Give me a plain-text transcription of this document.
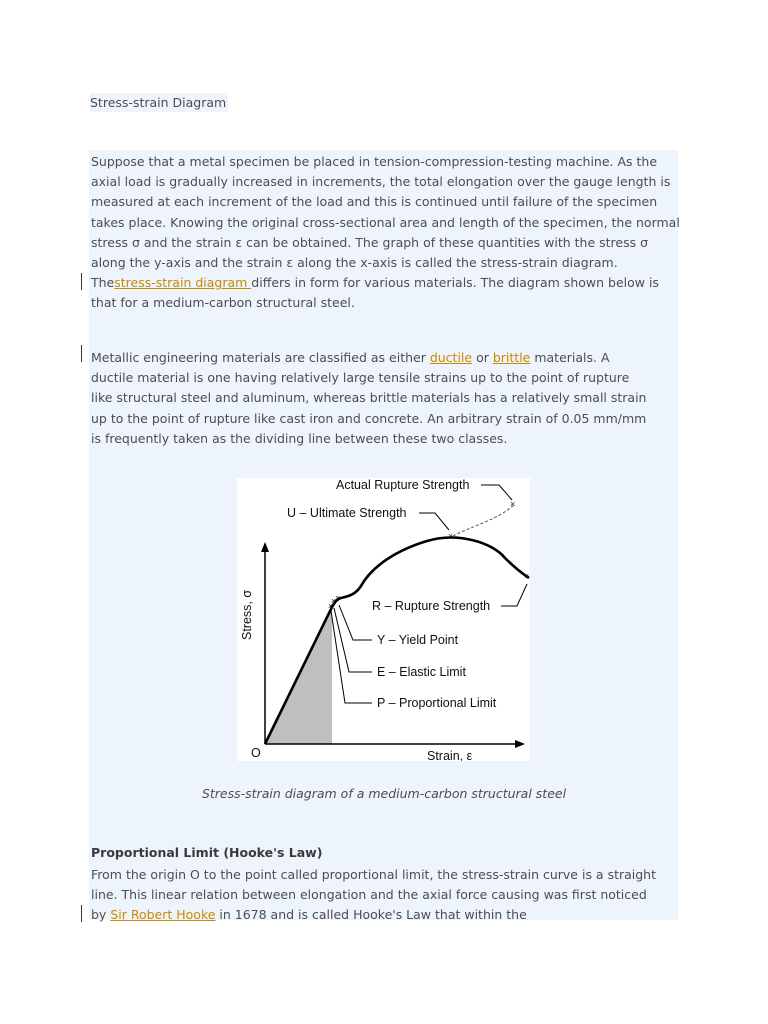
Stress-strain Diagram

Suppose that a metal specimen be placed in tension-compression-testing machine. As the axial load is gradually increased in increments, the total elongation over the gauge length is measured at each increment of the load and this is continued until failure of the specimen takes place. Knowing the original cross-sectional area and length of the specimen, the normal stress σ and the strain ε can be obtained. The graph of these quantities with the stress σ along the y-axis and the strain ε along the x-axis is called the stress-strain diagram. Thestress-strain diagram differs in form for various materials. The diagram shown below is that for a medium-carbon structural steel.

Metallic engineering materials are classified as either ductile or brittle materials. A ductile material is one having relatively large tensile strains up to the point of rupture like structural steel and aluminum, whereas brittle materials has a relatively small strain up to the point of rupture like cast iron and concrete. An arbitrary strain of 0.05 mm/mm is frequently taken as the dividing line between these two classes.

×
×
×
×
×
×
Actual Rupture Strength
U – Ultimate Strength
R – Rupture Strength
Y – Yield Point
E – Elastic Limit
P – Proportional Limit
Stress, σ
Strain, ε
O
Stress-strain diagram of a medium-carbon structural steel
Proportional Limit (Hooke's Law)

From the origin O to the point called proportional limit, the stress-strain curve is a straight line. This linear relation between elongation and the axial force causing was first noticed by Sir Robert Hooke in 1678 and is called Hooke's Law that within the
